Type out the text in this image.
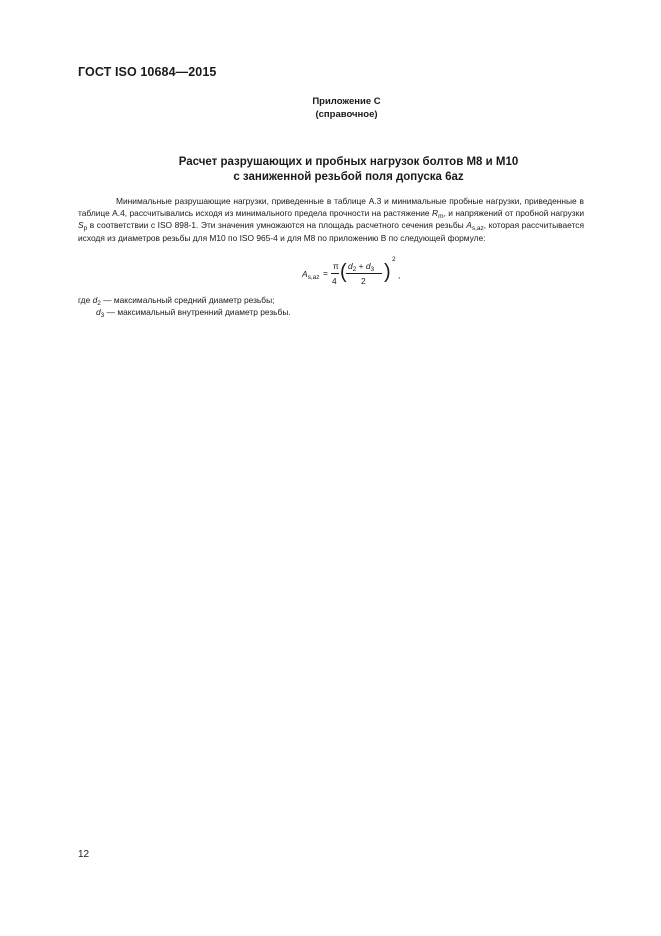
ГОСТ ISO 10684—2015
Приложение С
(справочное)
Расчет разрушающих и пробных нагрузок болтов М8 и М10
с заниженной резьбой поля допуска 6az

Минимальные разрушающие нагрузки, приведенные в таблице А.3 и минимальные пробные нагрузки, приведенные в таблице А.4, рассчитывались исходя из минимального предела прочности на растяжение $R_m$, и напряжений от пробной нагрузки $S_p$ в соответствии с ISO 898-1. Эти значения умножаются на площадь расчетного сечения резьбы $A_{s,az}$, которая рассчитывается исходя из диаметров резьбы для M10 по ISO 965-4 и для M8 по приложению В по следующей формуле:

$A_{s,az}$ =
π
4 ( $d_2 + d_3$
2 )
2
,
где $d_2$ — максимальный средний диаметр резьбы;
$d_3$ — максимальный внутренний диаметр резьбы.
12
